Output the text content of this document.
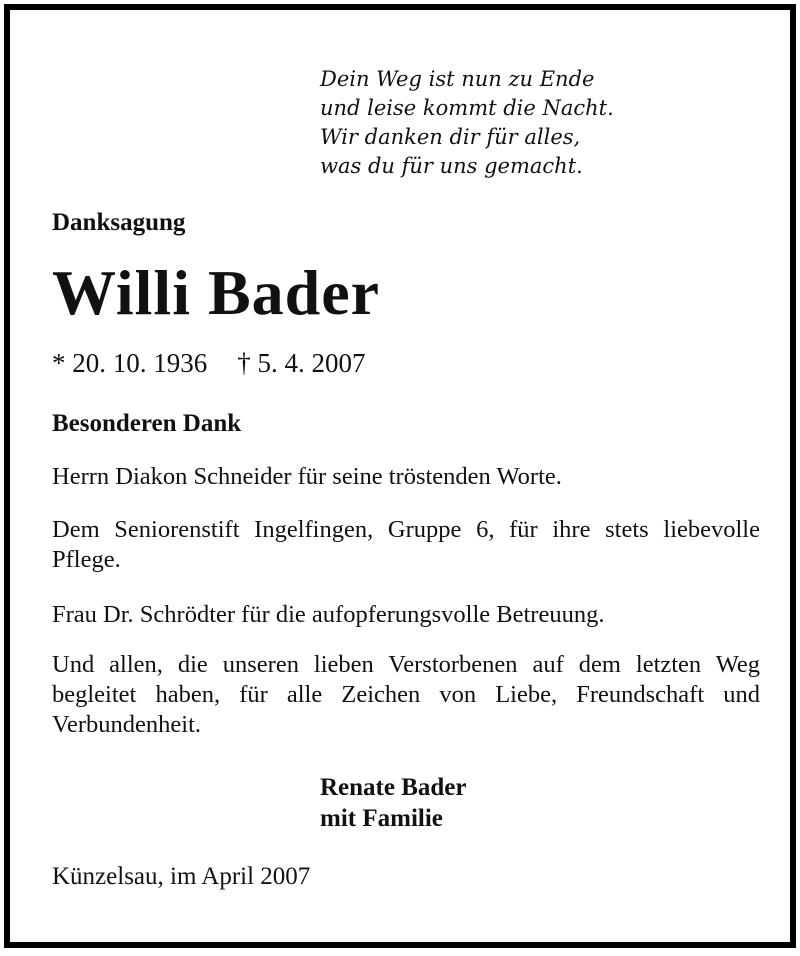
Dein Weg ist nun zu Ende
und leise kommt die Nacht.
Wir danken dir für alles,
was du für uns gemacht.
Danksagung
Willi Bader
* 20. 10. 1936 † 5. 4. 2007
Besonderen Dank
Herrn Diakon Schneider für seine tröstenden Worte.
Dem Seniorenstift Ingelfingen, Gruppe 6, für ihre stets liebevolle Pflege.
Frau Dr. Schrödter für die aufopferungsvolle Betreuung.
Und allen, die unseren lieben Verstorbenen auf dem letzten Weg begleitet haben, für alle Zeichen von Liebe, Freundschaft und Verbundenheit.
Renate Bader
mit Familie
Künzelsau, im April 2007
